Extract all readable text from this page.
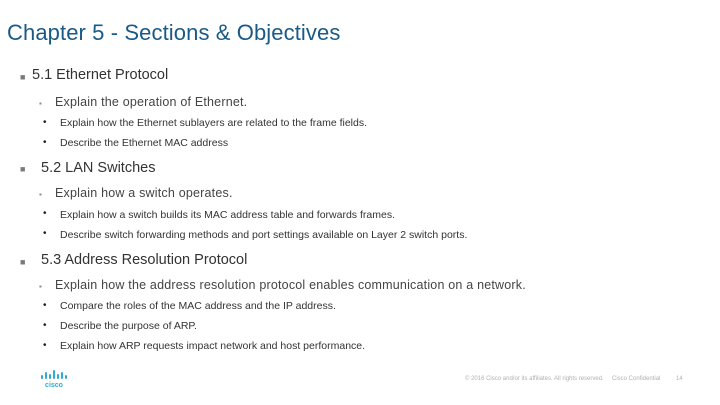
Chapter 5 - Sections & Objectives
■ 5.1 Ethernet Protocol
▪ Explain the operation of Ethernet.
• Explain how the Ethernet sublayers are related to the frame fields.
• Describe the Ethernet MAC address
■ 5.2 LAN Switches
▪ Explain how a switch operates.
• Explain how a switch builds its MAC address table and forwards frames.
• Describe switch forwarding methods and port settings available on Layer 2 switch ports.
■ 5.3 Address Resolution Protocol
▪ Explain how the address resolution protocol enables communication on a network.
• Compare the roles of the MAC address and the IP address.
• Describe the purpose of ARP.
• Explain how ARP requests impact network and host performance.
cisco
© 2016 Cisco and/or its affiliates. All rights reserved. Cisco Confidential	14
